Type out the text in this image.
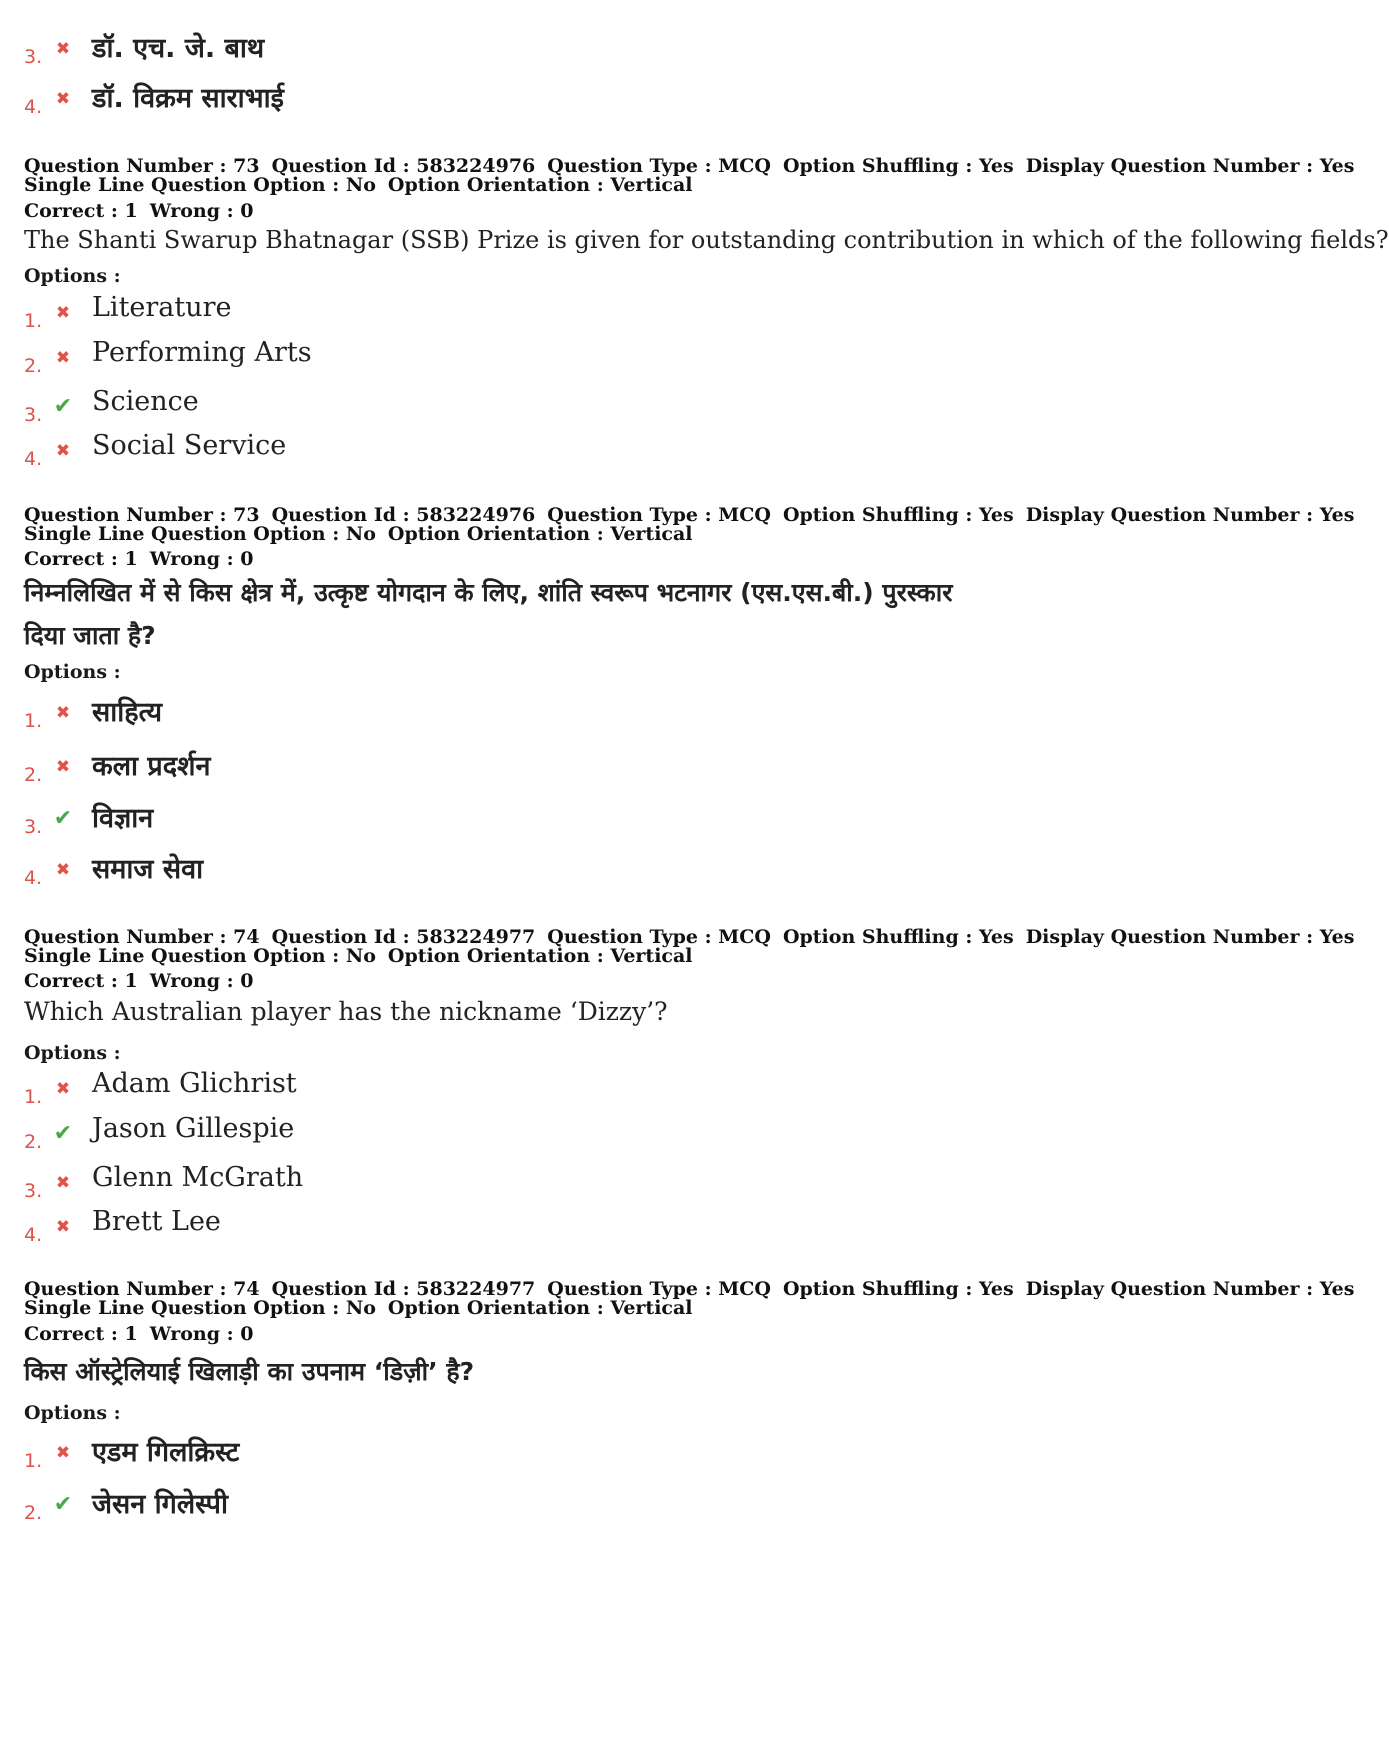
3. ✖ डॉ. एच. जे. बाथ
4. ✖ डॉ. विक्रम साराभाई
Question Number : 73 Question Id : 583224976 Question Type : MCQ Option Shuffling : Yes Display Question Number : Yes
Single Line Question Option : No Option Orientation : Vertical
Correct : 1 Wrong : 0
The Shanti Swarup Bhatnagar (SSB) Prize is given for outstanding contribution in which of the following fields?
Options :
1. ✖ Literature
2. ✖ Performing Arts
3. ✔ Science
4. ✖ Social Service
Question Number : 73 Question Id : 583224976 Question Type : MCQ Option Shuffling : Yes Display Question Number : Yes
Single Line Question Option : No Option Orientation : Vertical
Correct : 1 Wrong : 0
निम्नलिखित में से किस क्षेत्र में, उत्कृष्ट योगदान के लिए, शांति स्वरूप भटनागर (एस.एस.बी.) पुरस्कार
दिया जाता है?
Options :
1. ✖ साहित्य
2. ✖ कला प्रदर्शन
3. ✔ विज्ञान
4. ✖ समाज सेवा
Question Number : 74 Question Id : 583224977 Question Type : MCQ Option Shuffling : Yes Display Question Number : Yes
Single Line Question Option : No Option Orientation : Vertical
Correct : 1 Wrong : 0
Which Australian player has the nickname ‘Dizzy’?
Options :
1. ✖ Adam Glichrist
2. ✔ Jason Gillespie
3. ✖ Glenn McGrath
4. ✖ Brett Lee
Question Number : 74 Question Id : 583224977 Question Type : MCQ Option Shuffling : Yes Display Question Number : Yes
Single Line Question Option : No Option Orientation : Vertical
Correct : 1 Wrong : 0
किस ऑस्ट्रेलियाई खिलाड़ी का उपनाम ‘डिज़ी’ है?
Options :
1. ✖ एडम गिलक्रिस्ट
2. ✔ जेसन गिलेस्पी
